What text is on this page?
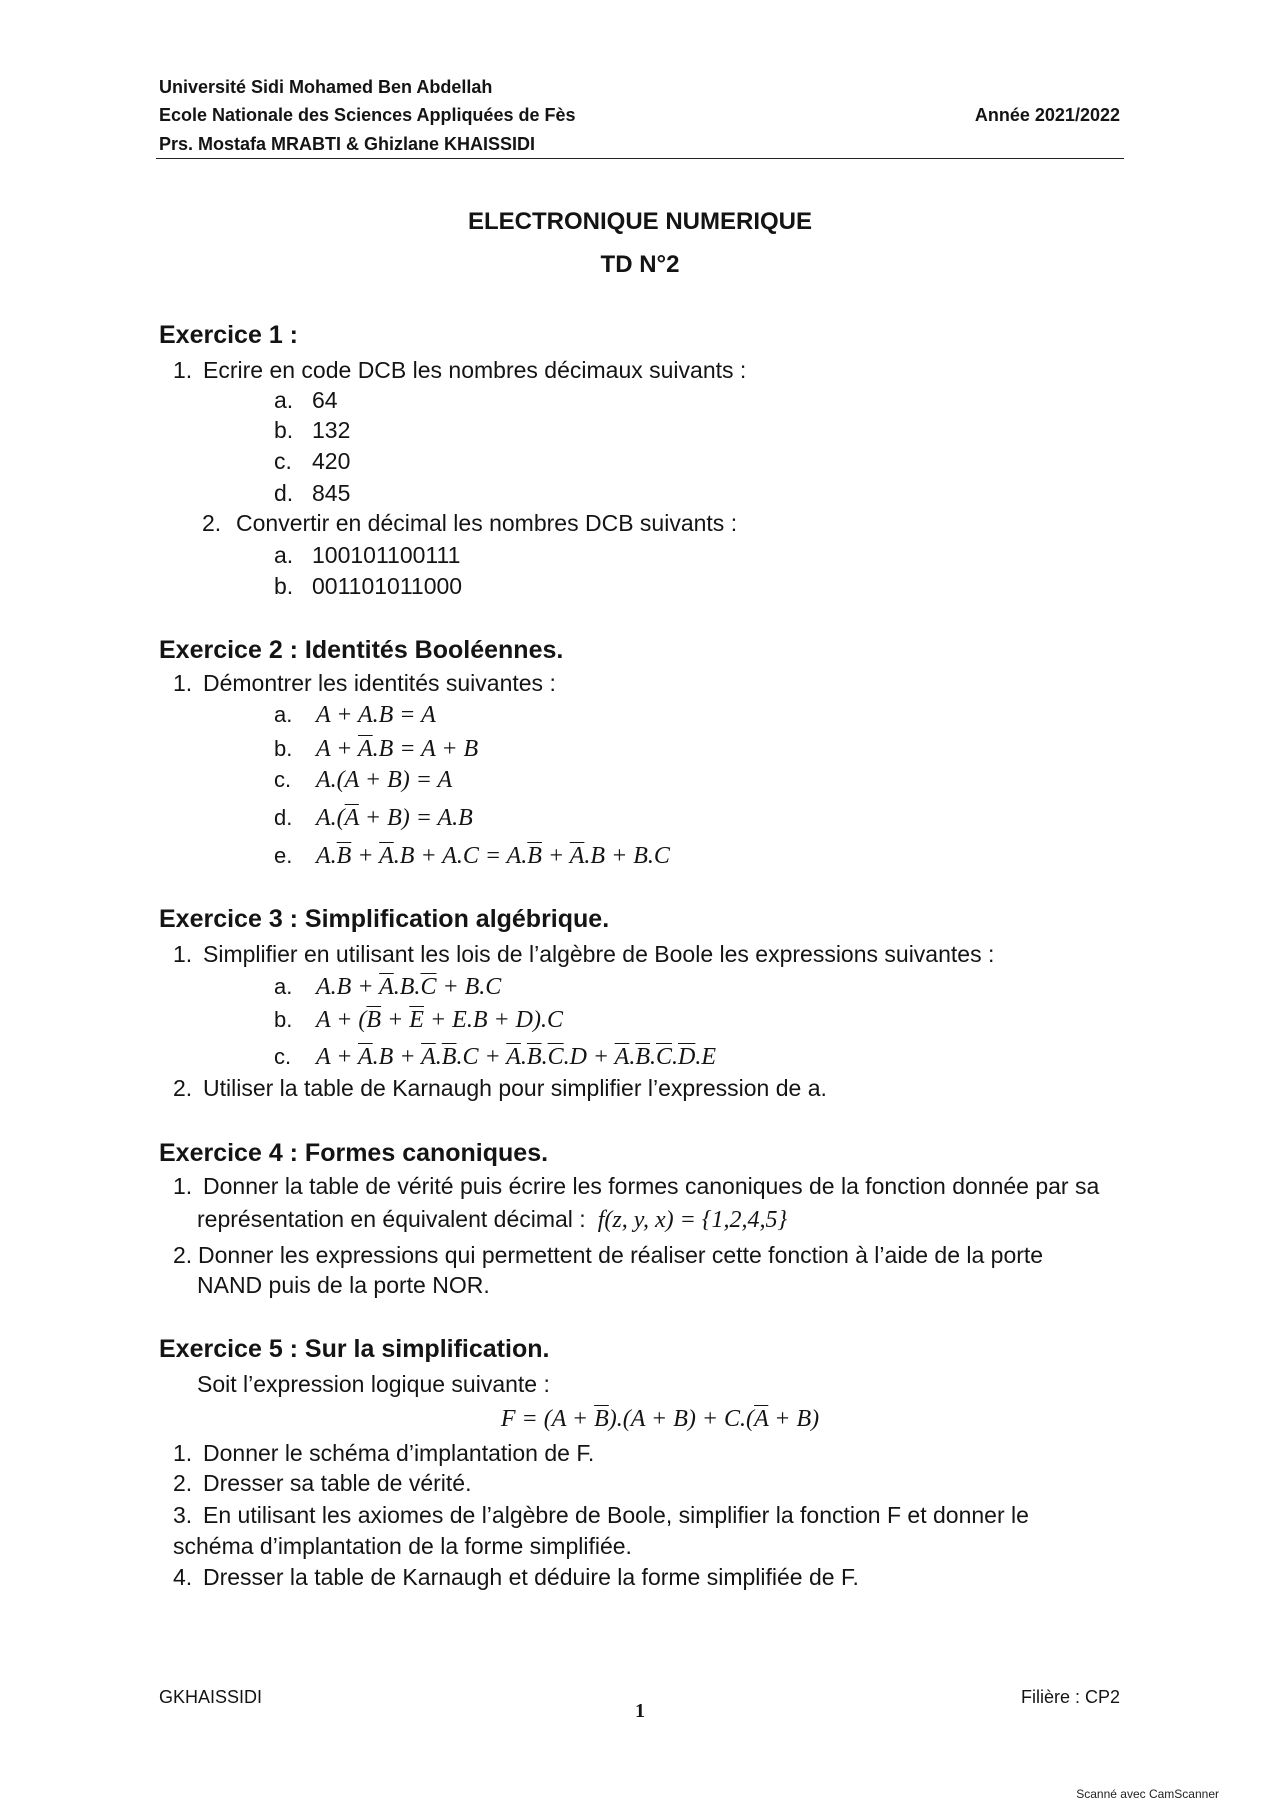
Université Sidi Mohamed Ben Abdellah
Ecole Nationale des Sciences Appliquées de Fès
Prs. Mostafa MRABTI & Ghizlane KHAISSIDI
Année 2021/2022
ELECTRONIQUE NUMERIQUE
TD N°2
Exercice 1 :
1. Ecrire en code DCB les nombres décimaux suivants :
a. 64
b. 132
c. 420
d. 845
2. Convertir en décimal les nombres DCB suivants :
a. 100101100111
b. 001101011000
Exercice 2 : Identités Booléennes.
1. Démontrer les identités suivantes :
a. A + A.B = A
b. $A + \overline{A}.B = A + B$
c.	A.(A + B) = A
d. $A.(\overline{A} + B) = A.B$
e. $A.\overline{B} + \overline{A}.B + A.C = A.\overline{B} + \overline{A}.B + B.C$
Exercice 3 : Simplification algébrique.
1. Simplifier en utilisant les lois de l’algèbre de Boole les expressions suivantes :
a. $A.B + \overline{A}.B.\overline{C} + B.C$
b. $A + (\overline{B} + \overline{E} + E.B + D).C$
c.	$A + \overline{A}.B + \overline{A}.\overline{B}.C + \overline{A}.\overline{B}.\overline{C}.D + \overline{A}.\overline{B}.\overline{C}.\overline{D}.E$
2. Utiliser la table de Karnaugh pour simplifier l’expression de a.
Exercice 4 : Formes canoniques.
1. Donner la table de vérité puis écrire les formes canoniques de la fonction donnée par sa
représentation en équivalent décimal : f(z, y, x) = {1,2,4,5}
2. Donner les expressions qui permettent de réaliser cette fonction à l’aide de la porte
NAND puis de la porte NOR.
Exercice 5 : Sur la simplification.
Soit l’expression logique suivante :
$F = (A + \overline{B}).(A + B) + C.(\overline{A} + B)$
1. Donner le schéma d’implantation de F.
2. Dresser sa table de vérité.
3. En utilisant les axiomes de l’algèbre de Boole, simplifier la fonction F et donner le
schéma d’implantation de la forme simplifiée.
4. Dresser la table de Karnaugh et déduire la forme simplifiée de F.
GKHAISSIDI
1
Filière : CP2
Scanné avec CamScanner
